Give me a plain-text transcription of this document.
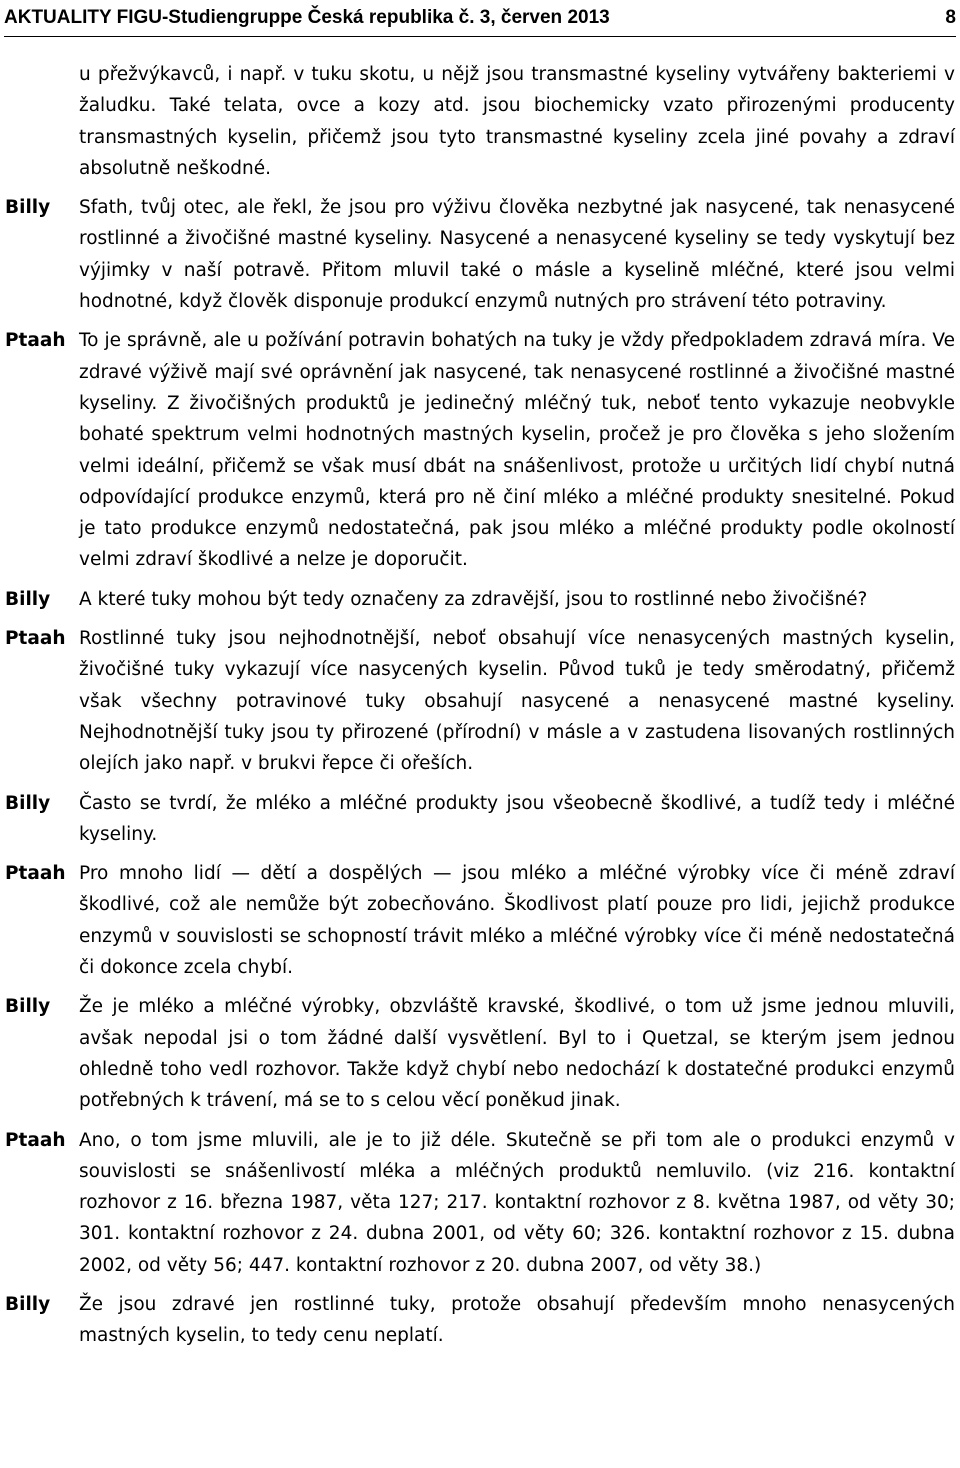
AKTUALITY FIGU-Studiengruppe Česká republika č. 3, červen 2013	8

u přežvýkavců, i např. v tuku skotu, u nějž jsou transmastné kyseliny vytvářeny bakteriemi v žaludku. Také telata, ovce a kozy atd. jsou biochemicky vzato přirozenými producenty transmastných kyselin, přičemž jsou tyto transmastné kyseliny zcela jiné povahy a zdraví absolutně neškodné.

Billy Sfath, tvůj otec, ale řekl, že jsou pro výživu člověka nezbytné jak nasycené, tak nenasycené rostlinné a živočišné mastné kyseliny. Nasycené a nenasycené kyseliny se tedy vyskytují bez výjimky v naší potravě. Přitom mluvil také o másle a kyselině mléčné, které jsou velmi hodnotné, když člověk disponuje produkcí enzymů nutných pro strávení této potraviny.

Ptaah To je správně, ale u požívání potravin bohatých na tuky je vždy předpokladem zdravá míra. Ve zdravé výživě mají své oprávnění jak nasycené, tak nenasycené rostlinné a živočišné mastné kyseliny. Z živočišných produktů je jedinečný mléčný tuk, neboť tento vykazuje neobvykle bohaté spektrum velmi hodnotných mastných kyselin, pročež je pro člověka s jeho složením velmi ideální, přičemž se však musí dbát na snášenlivost, protože u určitých lidí chybí nutná odpovídající produkce enzymů, která pro ně činí mléko a mléčné produkty snesitelné. Pokud je tato produkce enzymů nedostatečná, pak jsou mléko a mléčné produkty podle okolností velmi zdraví škodlivé a nelze je doporučit.

Billy A které tuky mohou být tedy označeny za zdravější, jsou to rostlinné nebo živočišné?

Ptaah Rostlinné tuky jsou nejhodnotnější, neboť obsahují více nenasycených mastných kyselin, živočišné tuky vykazují více nasycených kyselin. Původ tuků je tedy směrodatný, přičemž však všechny potravinové tuky obsahují nasycené a nenasycené mastné kyseliny. Nejhodnotnější tuky jsou ty přirozené (přírodní) v másle a v zastudena lisovaných rostlinných olejích jako např. v brukvi řepce či ořeších.

Billy Často se tvrdí, že mléko a mléčné produkty jsou všeobecně škodlivé, a tudíž tedy i mléčné kyseliny.

Ptaah Pro mnoho lidí — dětí a dospělých — jsou mléko a mléčné výrobky více či méně zdraví škodlivé, což ale nemůže být zobecňováno. Škodlivost platí pouze pro lidi, jejichž produkce enzymů v souvislosti se schopností trávit mléko a mléčné výrobky více či méně nedostatečná či dokonce zcela chybí.

Billy Že je mléko a mléčné výrobky, obzvláště kravské, škodlivé, o tom už jsme jednou mluvili, avšak nepodal jsi o tom žádné další vysvětlení. Byl to i Quetzal, se kterým jsem jednou ohledně toho vedl rozhovor. Takže když chybí nebo nedochází k dostatečné produkci enzymů potřebných k trávení, má se to s celou věcí poněkud jinak.

Ptaah Ano, o tom jsme mluvili, ale je to již déle. Skutečně se při tom ale o produkci enzymů v souvislosti se snášenlivostí mléka a mléčných produktů nemluvilo. (viz 216. kontaktní rozhovor z 16. března 1987, věta 127; 217. kontaktní rozhovor z 8. května 1987, od věty 30; 301. kontaktní rozhovor z 24. dubna 2001, od věty 60; 326. kontaktní rozhovor z 15. dubna 2002, od věty 56; 447. kontaktní rozhovor z 20. dubna 2007, od věty 38.)

Billy Že jsou zdravé jen rostlinné tuky, protože obsahují především mnoho nenasycených mastných kyselin, to tedy cenu neplatí.
